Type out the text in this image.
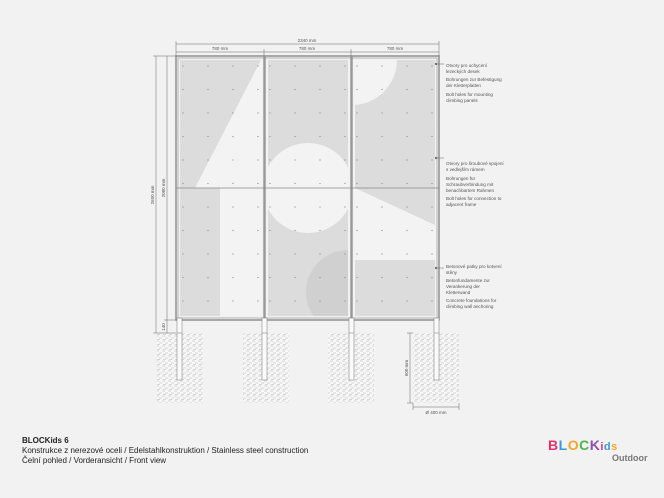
2340 mm
780 mm	780 mm	780 mm
2650 mm 2080 mm
140
600 mm
Ø 400 mm
Otvory pro uchycení
lezeckých desek
Bohrungen zur Befestigung
der Kletterplatten
Bolt holes for mounting
climbing panels
Otvory pro šroubové spojení
s vedlejším rámem
Bohrungen für
Schraubverbindung mit
benachbartem Rahmen
Bolt holes for connection to
adjacent frame
Betonové patky pro kotvení
stěny
Betonfundamente zur
Verankerung der
Kletterwand
Concrete foundations for
climbing wall anchoring
BLOCKids 6
Konstrukce z nerezové oceli / Edelstahlkonstruktion / Stainless steel construction
Čelní pohled / Vorderansicht / Front view
BLOCKids
Outdoor
